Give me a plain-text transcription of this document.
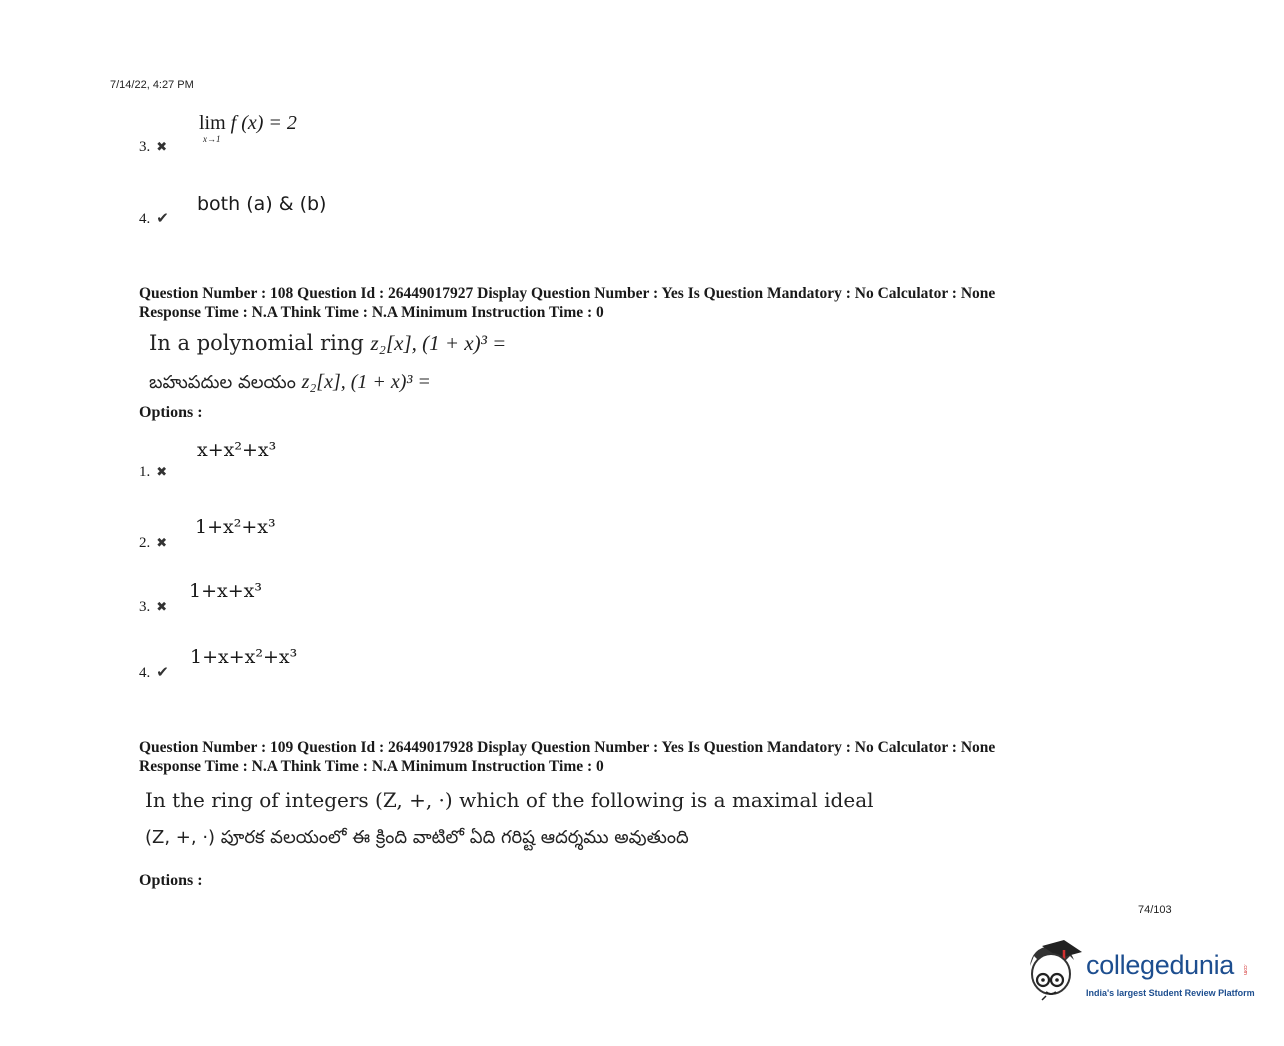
7/14/22, 4:27 PM
3. ✖
lim
x→1
f (x) = 2
4. ✔
both (a) & (b)
Question Number : 108 Question Id : 26449017927 Display Question Number : Yes Is Question Mandatory : No Calculator : None
Response Time : N.A Think Time : N.A Minimum Instruction Time : 0
In a polynomial ring z₂[x], (1 + x)³ =
బహుపదుల వలయం z₂[x], (1 + x)³ =
Options :
1. ✖
x+x²+x³
2. ✖
1+x²+x³
3. ✖
1+x+x³
4. ✔
1+x+x²+x³
Question Number : 109 Question Id : 26449017928 Display Question Number : Yes Is Question Mandatory : No Calculator : None
Response Time : N.A Think Time : N.A Minimum Instruction Time : 0
In the ring of integers (Z, +, ·) which of the following is a maximal ideal
(Z, +, ·) పూరక వలయంలో ఈ క్రింది వాటిలో ఏది గరిష్ట ఆదర్శము అవుతుంది
Options :
74/103
collegedunia .com
India's largest Student Review Platform
